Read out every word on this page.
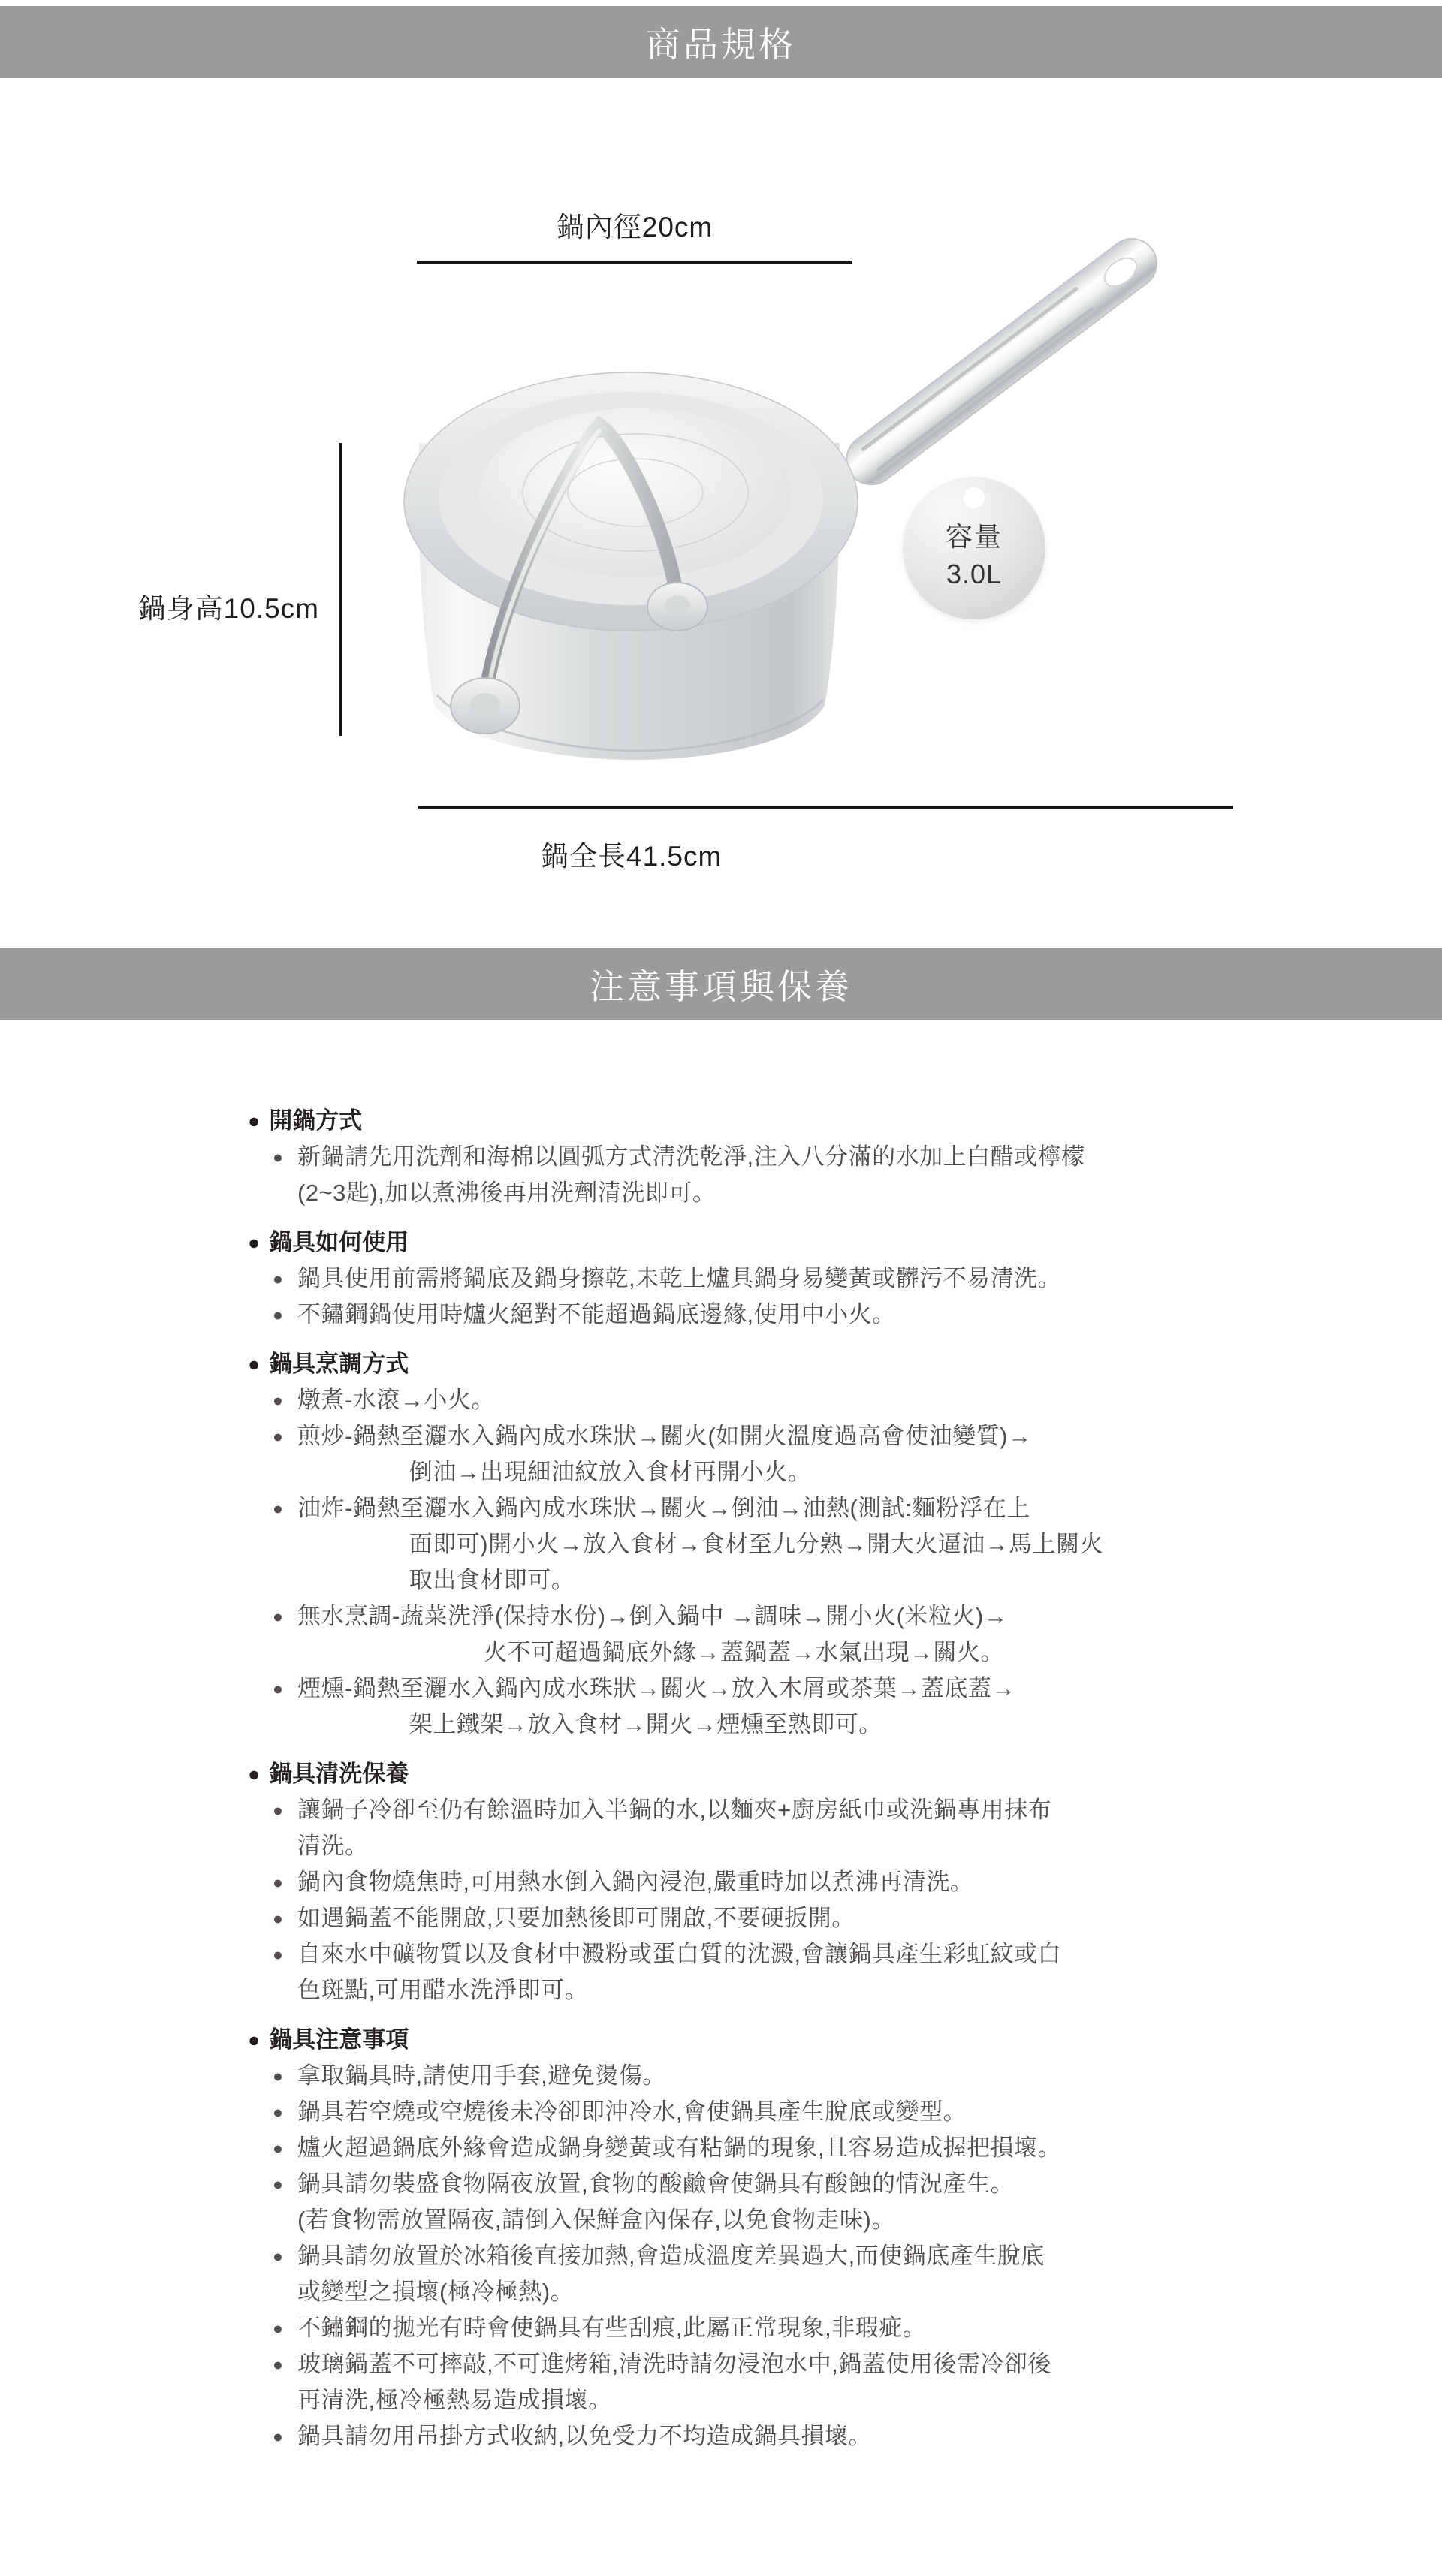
商品規格
鍋內徑20cm
鍋身高10.5cm
鍋全長41.5cm
容量
3.0L
注意事項與保養
● 開鍋方式
● 新鍋請先用洗劑和海棉以圓弧方式清洗乾淨,注入八分滿的水加上白醋或檸檬
(2~3匙),加以煮沸後再用洗劑清洗即可。
● 鍋具如何使用
● 鍋具使用前需將鍋底及鍋身擦乾,未乾上爐具鍋身易變黃或髒污不易清洗。
● 不鏽鋼鍋使用時爐火絕對不能超過鍋底邊緣,使用中小火。
● 鍋具烹調方式
● 燉煮-水滾→小火。
● 煎炒-鍋熱至灑水入鍋內成水珠狀→關火(如開火溫度過高會使油變質)→
倒油→出現細油紋放入食材再開小火。
● 油炸-鍋熱至灑水入鍋內成水珠狀→關火→倒油→油熱(測試:麵粉浮在上
面即可)開小火→放入食材→食材至九分熟→開大火逼油→馬上關火
取出食材即可。
● 無水烹調-蔬菜洗淨(保持水份)→倒入鍋中 →調味→開小火(米粒火)→
火不可超過鍋底外緣→蓋鍋蓋→水氣出現→關火。
● 煙燻-鍋熱至灑水入鍋內成水珠狀→關火→放入木屑或茶葉→蓋底蓋→
架上鐵架→放入食材→開火→煙燻至熟即可。
● 鍋具清洗保養
● 讓鍋子冷卻至仍有餘溫時加入半鍋的水,以麵夾+廚房紙巾或洗鍋專用抹布
清洗。
● 鍋內食物燒焦時,可用熱水倒入鍋內浸泡,嚴重時加以煮沸再清洗。
● 如遇鍋蓋不能開啟,只要加熱後即可開啟,不要硬扳開。
● 自來水中礦物質以及食材中澱粉或蛋白質的沈澱,會讓鍋具產生彩虹紋或白
色斑點,可用醋水洗淨即可。
● 鍋具注意事項
● 拿取鍋具時,請使用手套,避免燙傷。
● 鍋具若空燒或空燒後未冷卻即沖冷水,會使鍋具產生脫底或變型。
● 爐火超過鍋底外緣會造成鍋身變黃或有粘鍋的現象,且容易造成握把損壞。
● 鍋具請勿裝盛食物隔夜放置,食物的酸鹼會使鍋具有酸蝕的情況產生。
(若食物需放置隔夜,請倒入保鮮盒內保存,以免食物走味)。
● 鍋具請勿放置於冰箱後直接加熱,會造成溫度差異過大,而使鍋底產生脫底
或變型之損壞(極冷極熱)。
● 不鏽鋼的拋光有時會使鍋具有些刮痕,此屬正常現象,非瑕疵。
● 玻璃鍋蓋不可摔敲,不可進烤箱,清洗時請勿浸泡水中,鍋蓋使用後需冷卻後
再清洗,極冷極熱易造成損壞。
● 鍋具請勿用吊掛方式收納,以免受力不均造成鍋具損壞。
